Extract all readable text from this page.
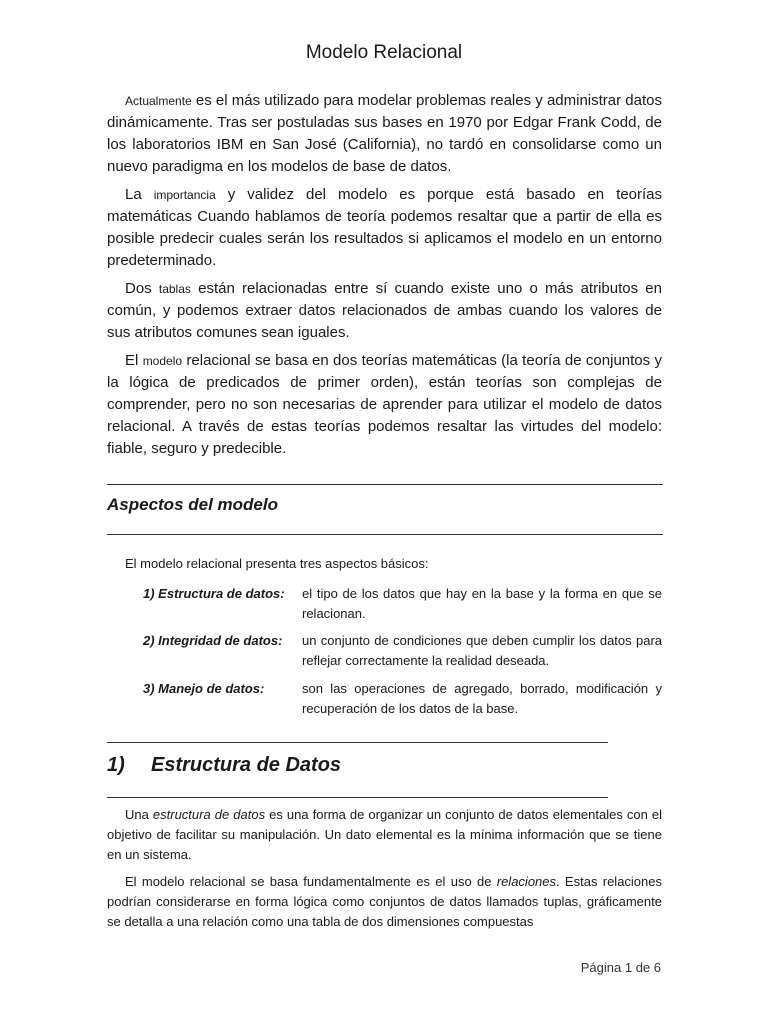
Modelo Relacional

Actualmente es el más utilizado para modelar problemas reales y administrar datos dinámicamente. Tras ser postuladas sus bases en 1970 por Edgar Frank Codd, de los laboratorios IBM en San José (California), no tardó en consolidarse como un nuevo paradigma en los modelos de base de datos.

La importancia y validez del modelo es porque está basado en teorías matemáticas Cuando hablamos de teoría podemos resaltar que a partir de ella es posible predecir cuales serán los resultados si aplicamos el modelo en un entorno predeterminado.

Dos tablas están relacionadas entre sí cuando existe uno o más atributos en común, y podemos extraer datos relacionados de ambas cuando los valores de sus atributos comunes sean iguales.

El modelo relacional se basa en dos teorías matemáticas (la teoría de conjuntos y la lógica de predicados de primer orden), están teorías son complejas de comprender, pero no son necesarias de aprender para utilizar el modelo de datos relacional. A través de estas teorías podemos resaltar las virtudes del modelo: fiable, seguro y predecible.

Aspectos del modelo
El modelo relacional presenta tres aspectos básicos:
1) Estructura de datos: el tipo de los datos que hay en la base y la forma en que se relacionan.
2) Integridad de datos: un conjunto de condiciones que deben cumplir los datos para reflejar correctamente la realidad deseada.
3) Manejo de datos:	son las operaciones de agregado, borrado, modificación y recuperación de los datos de la base.
1) Estructura de Datos

Una estructura de datos es una forma de organizar un conjunto de datos elementales con el objetivo de facilitar su manipulación. Un dato elemental es la mínima información que se tiene en un sistema.

El modelo relacional se basa fundamentalmente es el uso de relaciones. Estas relaciones podrían considerarse en forma lógica como conjuntos de datos llamados tuplas, gráficamente se detalla a una relación como una tabla de dos dimensiones compuestas

Página 1 de 6
